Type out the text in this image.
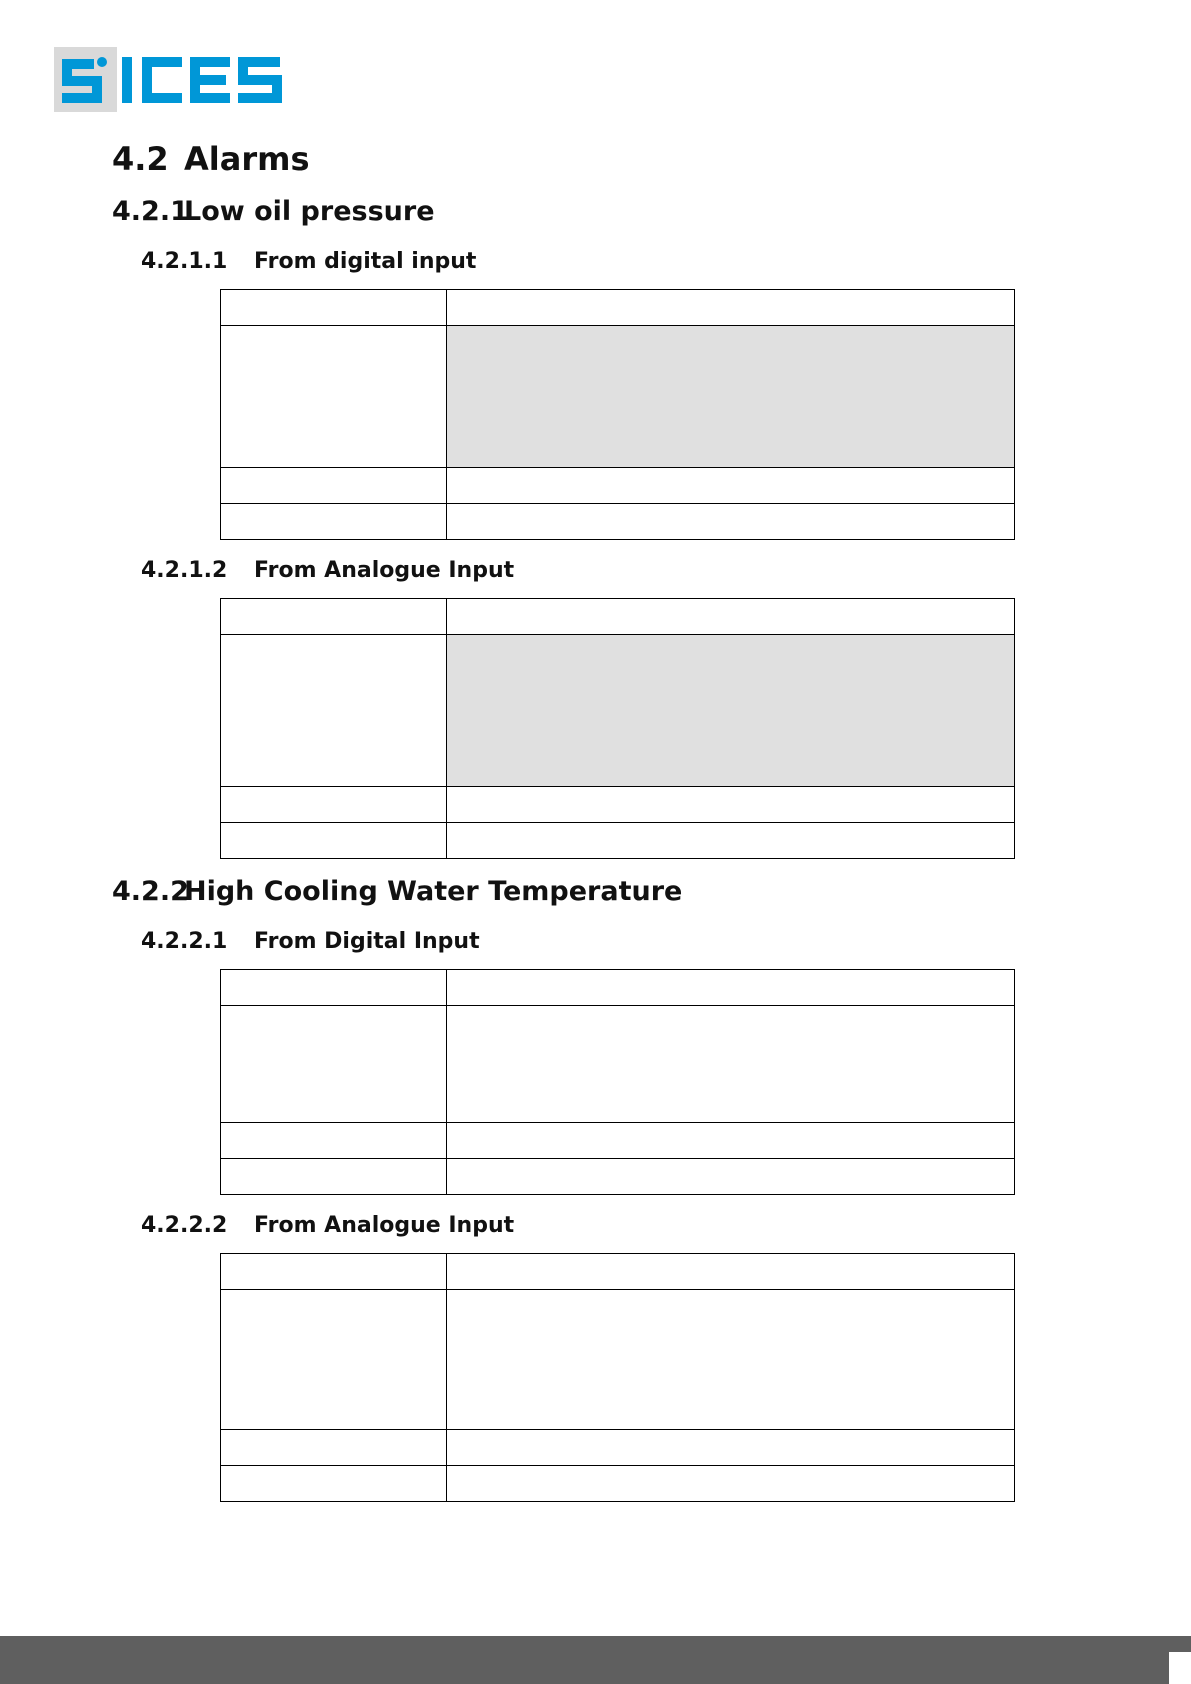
4.2 Alarms
4.2.1Low oil pressure
4.2.1.1 From digital input

4.2.1.2 From Analogue Input

4.2.2High Cooling Water Temperature
4.2.2.1 From Digital Input

4.2.2.2 From Analogue Input
